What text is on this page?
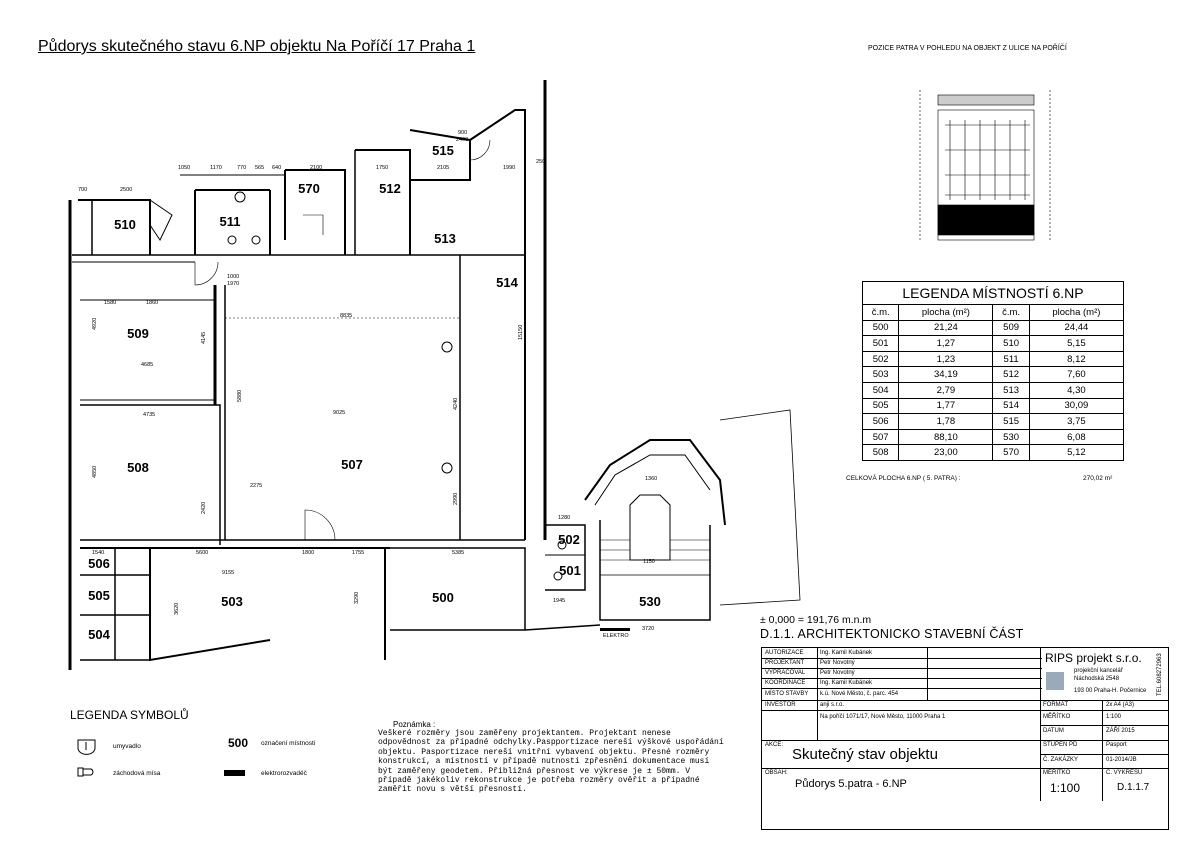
Půdorys skutečného stavu 6.NP objektu Na Poříčí 17 Praha 1	POZICE PATRA V POHLEDU NA OBJEKT Z ULICE NA POŘÍČÍ
510	511
570	512
515
513
514
509
508	507
506
505
504
503	500
502
501
530
ELEKTRO
700	2500
1050	1170	770 565 640	2100	1750	2105	1990
900
2400
250
1580	1860
8835
4685
4735	9025
2275
1540	5600	1800	1755	5385
9155
1280
1360
1150
3720
1945
1000
1970
4920
4850
4145
5880
4240
2990
2420
3620
3290
15150
LEGENDA MÍSTNOSTÍ 6.NP			
č.m.	plocha (m²)	č.m.	plocha (m²)
500	21,24	509	24,44
501	1,27	510	5,15
502	1,23	511	8,12
503	34,19	512	7,60
504	2,79	513	4,30
505	1,77	514	30,09
506	1,78	515	3,75
507	88,10	530	6,08
508	23,00	570	5,12
CELKOVÁ PLOCHA 6.NP ( 5. PATRA) :	270,02 m²
± 0,000 = 191,76 m.n.m
D.1.1. ARCHITEKTONICKO STAVEBNÍ ČÁST
AUTORIZACE	Ing. Kamil Kubánek
PROJEKTANT	Petr Novotný
VYPRACOVAL Petr Novotný
KOORDINACE Ing. Kamil Kubánek
MÍSTO STAVBY k.ú. Nové Město, č. parc. 454
INVESTOR	anji s.r.o.
Na poříčí 1071/17, Nové Město, 11000 Praha 1
AKCE:
Skutečný stav objektu
OBSAH:
Půdorys 5.patra - 6.NP
RIPS projekt s.r.o.
projekční kancelář
Náchodská 2548
193 00 Praha-H. Počernice TEL.608272963
FORMÁT	2x A4 (A3)
MĚŘÍTKO	1:100
DATUM	ZÁŘÍ 2015
STUPEŇ PD	Pasport
Č. ZAKÁZKY	01-2014/JB
MĚŘÍTKO
1:100
Č. VÝKRESU
D.1.1.7
LEGENDA SYMBOLŮ
umyvadlo
záchodová mísa
500 označení místnosti
elektrorozvaděč
Poznámka :
Veškeré rozměry jsou zaměřeny projektantem. Projektant nenese odpovědnost za případné odchylky.Paspportizace nereší výškové uspořádání objektu. Pasportizace nereší vnitřní vybavení objektu. Přesné rozměry konstrukcí, a místností v případě nutnosti zpřesnění dokumentace musí být zaměřeny geodetem. Přibližná přesnost ve výkrese je ± 50mm. V případě jakékoliv rekonstrukce je potřeba rozměry ověřit a případné zaměřit novu s větší přesností.
